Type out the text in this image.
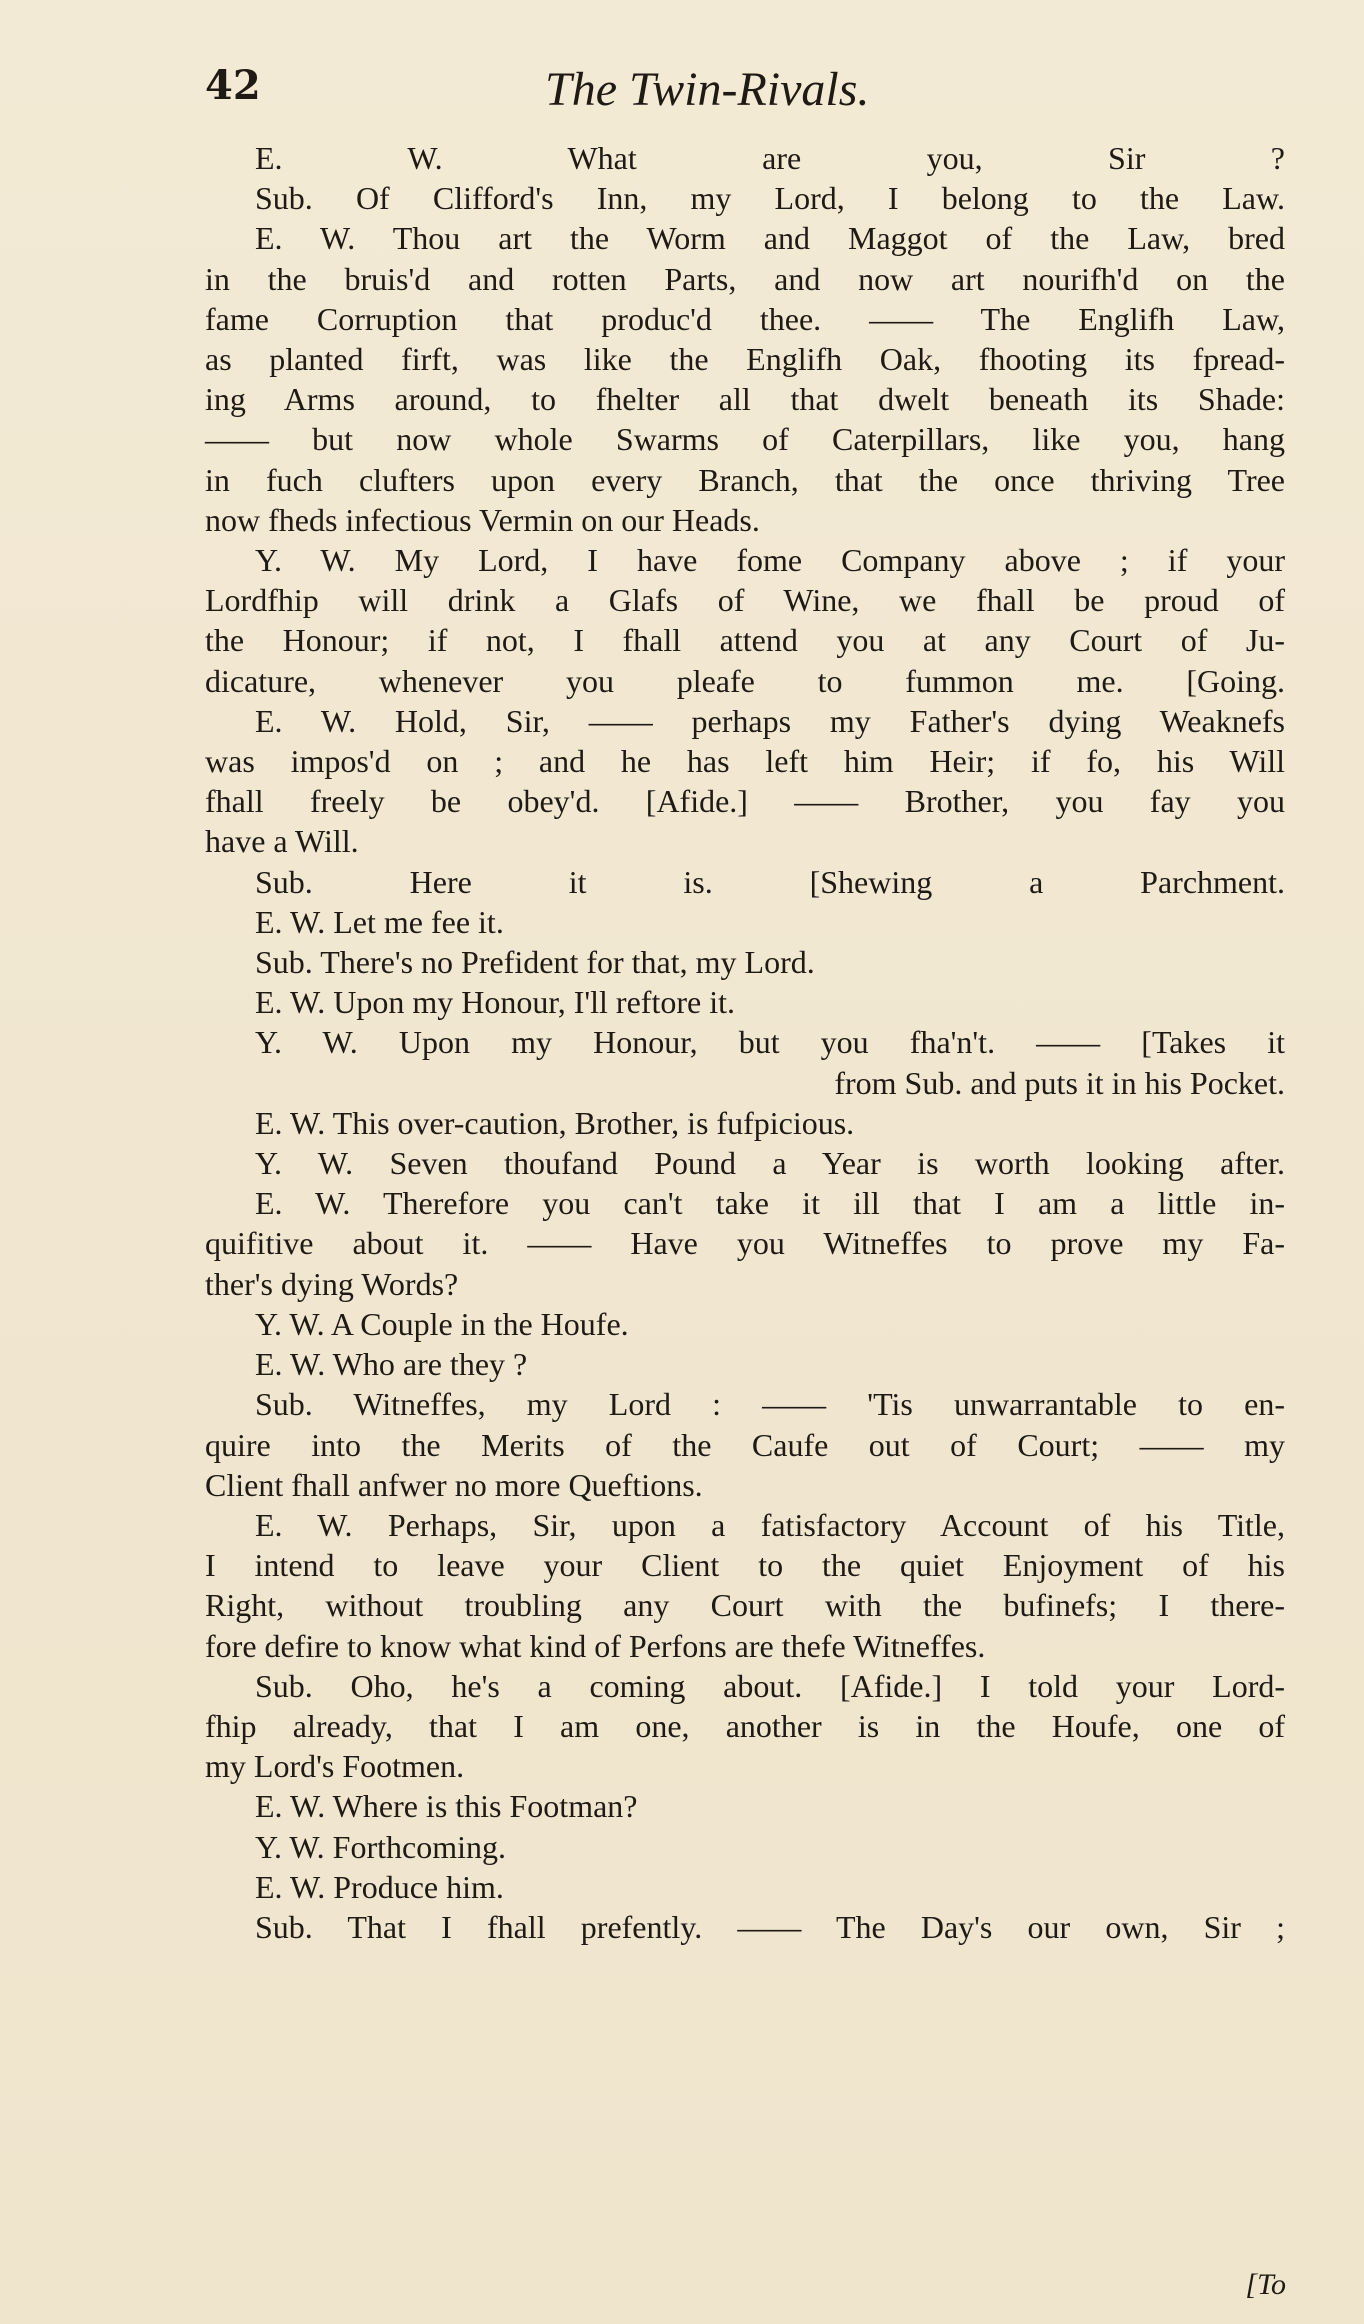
42	The Twin-Rivals.
E. W. What are you, Sir ?
Sub. Of Clifford's Inn, my Lord, I belong to the Law.
E. W. Thou art the Worm and Maggot of the Law, bred
in the bruis'd and rotten Parts, and now art nourifh'd on the
fame Corruption that produc'd thee. —— The Englifh Law,
as planted firft, was like the Englifh Oak, fhooting its fpread-
ing Arms around, to fhelter all that dwelt beneath its Shade:
—— but now whole Swarms of Caterpillars, like you, hang
in fuch clufters upon every Branch, that the once thriving Tree
now fheds infectious Vermin on our Heads.
Y. W. My Lord, I have fome Company above ; if your
Lordfhip will drink a Glafs of Wine, we fhall be proud of
the Honour; if not, I fhall attend you at any Court of Ju-
dicature, whenever you pleafe to fummon me. [Going.
E. W. Hold, Sir, —— perhaps my Father's dying Weaknefs
was impos'd on ; and he has left him Heir; if fo, his Will
fhall freely be obey'd. [Afide.] —— Brother, you fay you
have a Will.
Sub. Here it is. [Shewing a Parchment.
E. W. Let me fee it.
Sub. There's no Prefident for that, my Lord.
E. W. Upon my Honour, I'll reftore it.
Y. W. Upon my Honour, but you fha'n't. —— [Takes it
from Sub. and puts it in his Pocket.
E. W. This over-caution, Brother, is fufpicious.
Y. W. Seven thoufand Pound a Year is worth looking after.
E. W. Therefore you can't take it ill that I am a little in-
quifitive about it. —— Have you Witneffes to prove my Fa-
ther's dying Words?
Y. W. A Couple in the Houfe.
E. W. Who are they ?
Sub. Witneffes, my Lord : —— 'Tis unwarrantable to en-
quire into the Merits of the Caufe out of Court; —— my
Client fhall anfwer no more Queftions.
E. W. Perhaps, Sir, upon a fatisfactory Account of his Title,
I intend to leave your Client to the quiet Enjoyment of his
Right, without troubling any Court with the bufinefs; I there-
fore defire to know what kind of Perfons are thefe Witneffes.
Sub. Oho, he's a coming about. [Afide.] I told your Lord-
fhip already, that I am one, another is in the Houfe, one of
my Lord's Footmen.
E. W. Where is this Footman?
Y. W. Forthcoming.
E. W. Produce him.
Sub. That I fhall prefently. —— The Day's our own, Sir ;
[To
